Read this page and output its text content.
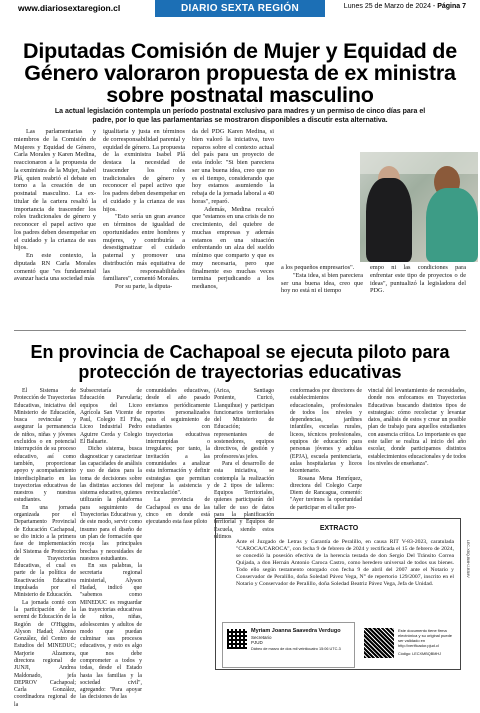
www.diariosextaregion.cl	DIARIO SEXTA REGIÓN	Lunes 25 de Marzo de 2024 - Página 7
Diputadas Comisión de Mujer y Equidad de Género valoraron propuesta de ex ministra sobre postnatal masculino
La actual legislación contempla un período postnatal exclusivo para madres y un permiso de cinco días para el padre, por lo que las parlamentarias se mostraron disponibles a discutir esta alternativa.

Las parlamentarias y miembros de la Comisión de Mujeres y Equidad de Género, Carla Morales y Karen Medina, reaccionaron a la propuesta de la exministra de la Mujer, Isabel Plá, quien reabrió el debate en torno a la creación de un postnatal masculino. La ex-titular de la cartera resaltó la importancia de trascender los roles tradicionales de género y reconocer el papel activo que los padres deben desempeñar en el cuidado y la crianza de sus hijos.

En este contexto, la diputada RN Carla Morales comentó que "es fundamental avanzar hacia una sociedad más

igualitaria y justa en términos de corresponsabilidad parental y equidad de género. La propuesta de la exministra Isabel Plá destaca la necesidad de trascender los roles tradicionales de género y reconocer el papel activo que los padres deben desempeñar en el cuidado y la crianza de sus hijos.

"Esto sería un gran avance en términos de igualdad de oportunidades entre hombres y mujeres, y contribuiría a desestigmatizar el cuidado paternal y promover una distribución más equitativa de las responsabilidades familiares", comentó Morales.

Por su parte, la diputa-

da del PDG Karen Medina, si bien valoró la iniciativa, tuvo reparos sobre el contexto actual del país para un proyecto de esta índole: "Si bien pareciera ser una buena idea, creo que no es el tiempo, considerando que hoy estamos asumiendo la rebaja de la jornada laboral a 40 horas", reparó.

Además, Medina recalcó que "estamos en una crisis de no crecimiento, del quiebre de muchas empresas y además estamos en una situación enfrentando un alza del sueldo mínimo que comparto y que es muy necesaria, pero que finalmente eso muchas veces termina perjudicando a los medianos,

a los pequeños empresarios".

"Esta idea, si bien pareciera ser una buena idea, creo que hoy no está ni el tiempo

empo ni las condiciones para enfrentar este tipo de proyectos o de ideas", puntualizó la legisladora del PDG.

En provincia de Cachapoal se ejecuta piloto para protección de trayectorias educativas

El Sistema de Protección de Trayectorias Educativas, iniciativa del Ministerio de Educación, busca revincular y asegurar la permanencia de niños, niñas y jóvenes excluidos o en potencial interrupción de su proceso educativo, así como también, proporcionar apoyo y acompañamiento interdisciplinario en las trayectorias educativas de nuestros y nuestras estudiantes.

En una jornada organizada por el Departamento Provincial de Educación Cachapoal, se dio inicio a la primera fase de implementación del Sistema de Protección de Trayectorias Educativas, el cual es parte de la política de Reactivación Educativa impulsada por el Ministerio de Educación.

La jornada contó con la participación de la seremi de Educación de la Región de O'Higgins, Alyson Hadad; Alonso González, del Centro de Estudios del MINEDUC; Marjorie Alzamora, directora regional de JUNJI, Andrea Maldonado, jefa DEPROV Cachapoal; Carla González, coordinadora regional de la

Subsecretaría de Educación Parvularia; equipos del Liceo Agrícola San Vicente de Paul, Colegio El Fiba, Liceo Industrial Pedro Aguirre Cerda y Colegio El Baluarte.

Dicho sistema, busca diagnosticar y caracterizar las capacidades de análisis y uso de datos para la toma de decisiones sobre las distintas acciones del sistema educativo, quienes utilizarán la plataforma para seguimiento de Trayectorias Educativas y, de este modo, servir como insumo para el diseño de un plan de formación que recoja las principales brechas y necesidades de nuestros estudiantes.

En sus palabras, la secretaria regional ministerial, Alyson Hadad, indicó que "sabemos como MINEDUC es resguardar las trayectorias educativas de niños, niñas, adolescentes y adultos de modo que puedan culminar sus procesos educativos, y esto es algo que nos debe comprometer a todos y todas, desde el Estado hasta las familias y la sociedad civil", agregando: "Para apoyar las decisiones de las

comunidades educativas, desde el año pasado enviamos periódicamente reportes personalizados para el seguimiento de estudiantes con trayectorias educativas interrumpidas o irregulares; por tanto, la invitación a las comunidades a analizar esta información y definir estrategias que permitan mejorar la asistencia y revinculación".

La provincia de Cachapoal es una de las cinco en donde está ejecutando esta fase piloto

(Arica, Santiago Poniente, Curicó, Llanquihue) y participan funcionarios territoriales del Ministerio de Educación; representantes de sostenedores, equipos directivos, de gestión y profesores/as jefes.

Para el desarrollo de esta iniciativa, se contempla la realización de 2 tipos de talleres: Equipos Territoriales, quienes participarán del taller de uso de datos para la planificación territorial y Equipos de Escuela, siendo estos últimos

conformados por directores de establecimientos educacionales, profesionales de todos los niveles y dependencias, jardines infantiles, escuelas rurales, liceos, técnicos profesionales, equipos de educación para personas jóvenes y adultas (EPJA), escuela penitenciaria, aulas hospitalarias y liceos bicentenario.

Rosana Mena Henríquez, directora del Colegio Carpe Diem de Rancagua, comentó: "Ayer tuvimos la oportunidad de participar en el taller pro-

vincial del levantamiento de necesidades, donde nos enfocamos en Trayectorias Educativas buscando distintos tipos de estrategias: cómo recolectar y levantar datos, análisis de estos y crear un posible plan de trabajo para aquellos estudiantes con ausencia crítica. Lo importante es que este taller se realiza al inicio del año escolar, donde participamos distintos establecimientos educacionales y de todos los niveles de enseñanza".

EXTRACTO
Ante el Juzgado de Letras y Garantía de Peralillo, en causa RIT V-83-2023, caratulada "CAROCA/CAROCA", con fecha 9 de febrero de 2024 y rectificada el 15 de febrero de 2024, se concedió la posesión efectiva de la herencia testada de don Sergio Del Tránsito Correa Quijada, a don Hernán Antonio Caroca Castro, como heredero universal de todos sus bienes. Todo ello según testamento otorgado con fecha 9 de abril del 2007 ante el Notario y Conservador de Peralillo, doña Soledad Pávez Vega, N° de repertorio 129/2007, inscrito en el Notario y Conservador de Peralillo, doña Soledad Beatriz Pávez Vega, Jefa de Unidad.
Myriam Joanna Saavedra Verdugo
Secretario
PJUD
Dábeo de marzo de dos mil veinticuatro 15:06 UTC-3
Este documento tiene firma electrónica y su original puede ser validado en http://verificador.pjud.cl
Código: LECXMBQBMHJ
LEC-XBQ-BMHJ-B3MV
